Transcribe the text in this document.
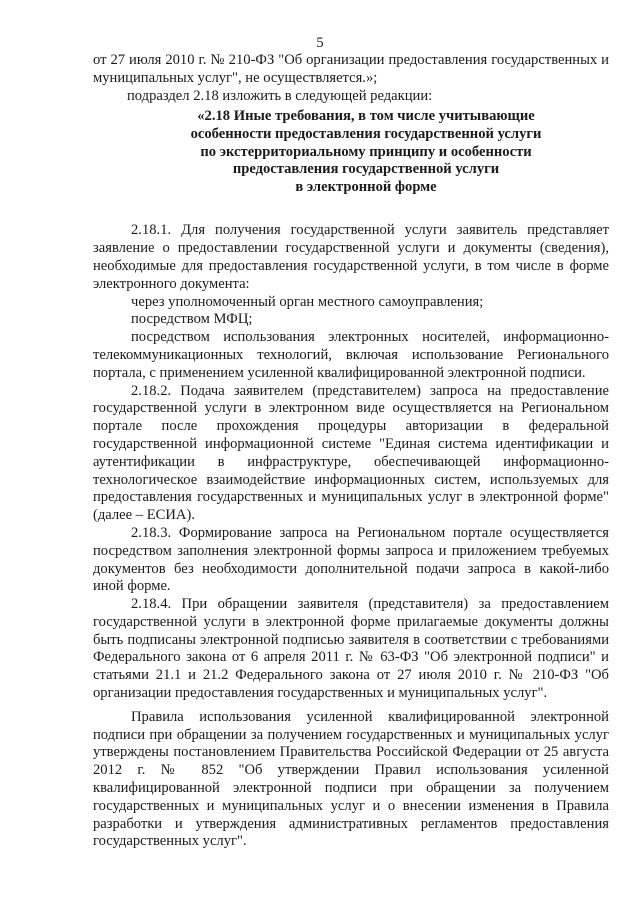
5

от 27 июля 2010 г. № 210-ФЗ "Об организации предоставления государственных и муниципальных услуг", не осуществляется.»;

подраздел 2.18 изложить в следующей редакции:

«2.18 Иные требования, в том числе учитывающие
особенности предоставления государственной услуги
по экстерриториальному принципу и особенности
предоставления государственной услуги
в электронной форме

2.18.1. Для получения государственной услуги заявитель представляет заявление о предоставлении государственной услуги и документы (сведения), необходимые для предоставления государственной услуги, в том числе в форме электронного документа:

через уполномоченный орган местного самоуправления;

посредством МФЦ;

посредством использования электронных носителей, информационно-телекоммуникационных технологий, включая использование Регионального портала, с применением усиленной квалифицированной электронной подписи.

2.18.2. Подача заявителем (представителем) запроса на предоставление государственной услуги в электронном виде осуществляется на Региональном портале после прохождения процедуры авторизации в федеральной государственной информационной системе "Единая система идентификации и аутентификации в инфраструктуре, обеспечивающей информационно-технологическое взаимодействие информационных систем, используемых для предоставления государственных и муниципальных услуг в электронной форме" (далее – ЕСИА).

2.18.3. Формирование запроса на Региональном портале осуществляется посредством заполнения электронной формы запроса и приложением требуемых документов без необходимости дополнительной подачи запроса в какой-либо иной форме.

2.18.4. При обращении заявителя (представителя) за предоставлением государственной услуги в электронной форме прилагаемые документы должны быть подписаны электронной подписью заявителя в соответствии с требованиями Федерального закона от 6 апреля 2011 г. № 63-ФЗ "Об электронной подписи" и статьями 21.1 и 21.2 Федерального закона от 27 июля 2010 г. № 210-ФЗ "Об организации предоставления государственных и муниципальных услуг".

Правила использования усиленной квалифицированной электронной подписи при обращении за получением государственных и муниципальных услуг утверждены постановлением Правительства Российской Федерации от 25 августа 2012 г. № 852 "Об утверждении Правил использования усиленной квалифицированной электронной подписи при обращении за получением государственных и муниципальных услуг и о внесении изменения в Правила разработки и утверждения административных регламентов предоставления государственных услуг".
